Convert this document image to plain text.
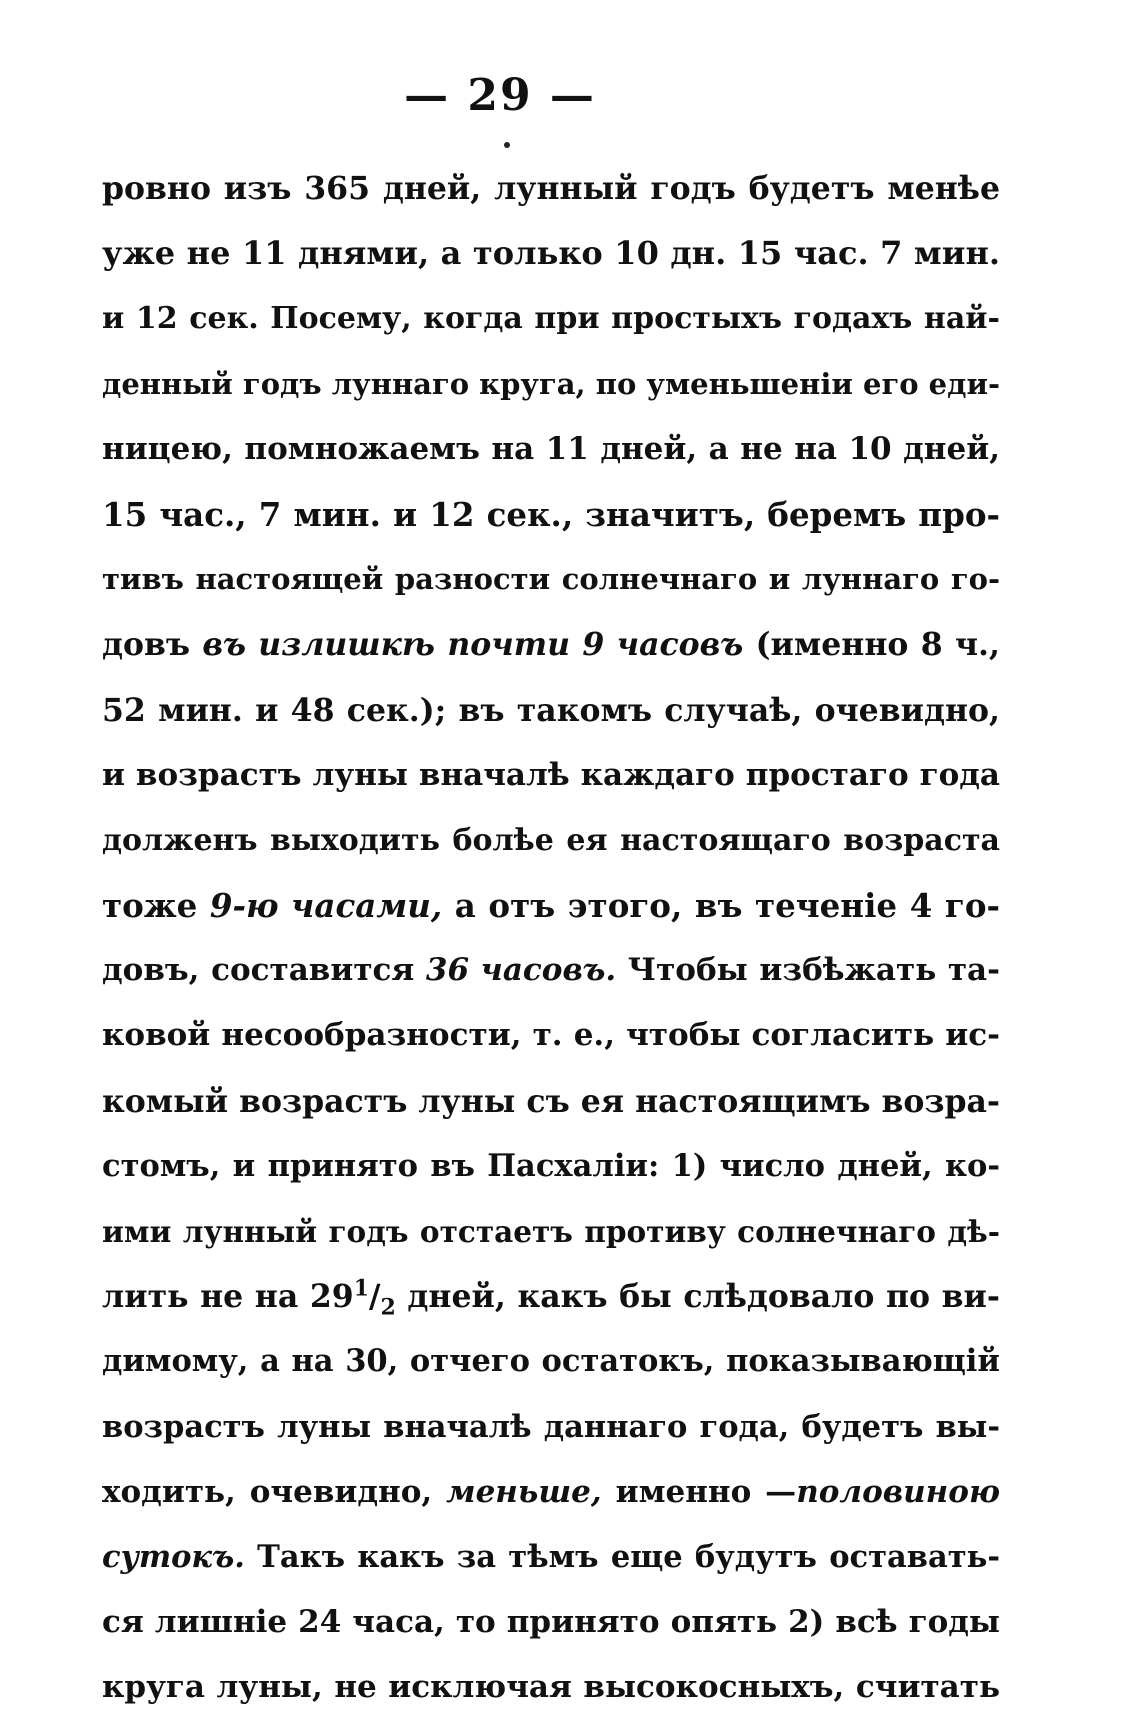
— 29 —
ровно изъ 365 дней, лунный годъ будетъ менѣе
уже не 11 днями, а только 10 дн. 15 час. 7 мин.
и 12 сек. Посему, когда при простыхъ годахъ най-
денный годъ луннаго круга, по уменьшеніи его еди-
ницею, помножаемъ на 11 дней, а не на 10 дней,
15 час., 7 мин. и 12 сек., значитъ, беремъ про-
тивъ настоящей разности солнечнаго и луннаго го-
довъ въ излишкѣ почти 9 часовъ (именно 8 ч.,
52 мин. и 48 сек.); въ такомъ случаѣ, очевидно,
и возрастъ луны вначалѣ каждаго простаго года
долженъ выходить болѣе ея настоящаго возраста
тоже 9-ю часами, а отъ этого, въ теченіе 4 го-
довъ, составится 36 часовъ. Чтобы избѣжать та-
ковой несообразности, т. е., чтобы согласить ис-
комый возрастъ луны съ ея настоящимъ возра-
стомъ, и принято въ Пасхаліи: 1) число дней, ко-
ими лунный годъ отстаетъ противу солнечнаго дѣ-
лить не на $29^1/_2$ дней, какъ бы слѣдовало по ви-
димому, а на 30, отчего остатокъ, показывающій
возрастъ луны вначалѣ даннаго года, будетъ вы-
ходить, очевидно, меньше, именно —половиною
сутокъ. Такъ какъ за тѣмъ еще будутъ оставать-
ся лишніе 24 часа, то принято опять 2) всѣ годы
круга луны, не исключая высокосныхъ, считать
